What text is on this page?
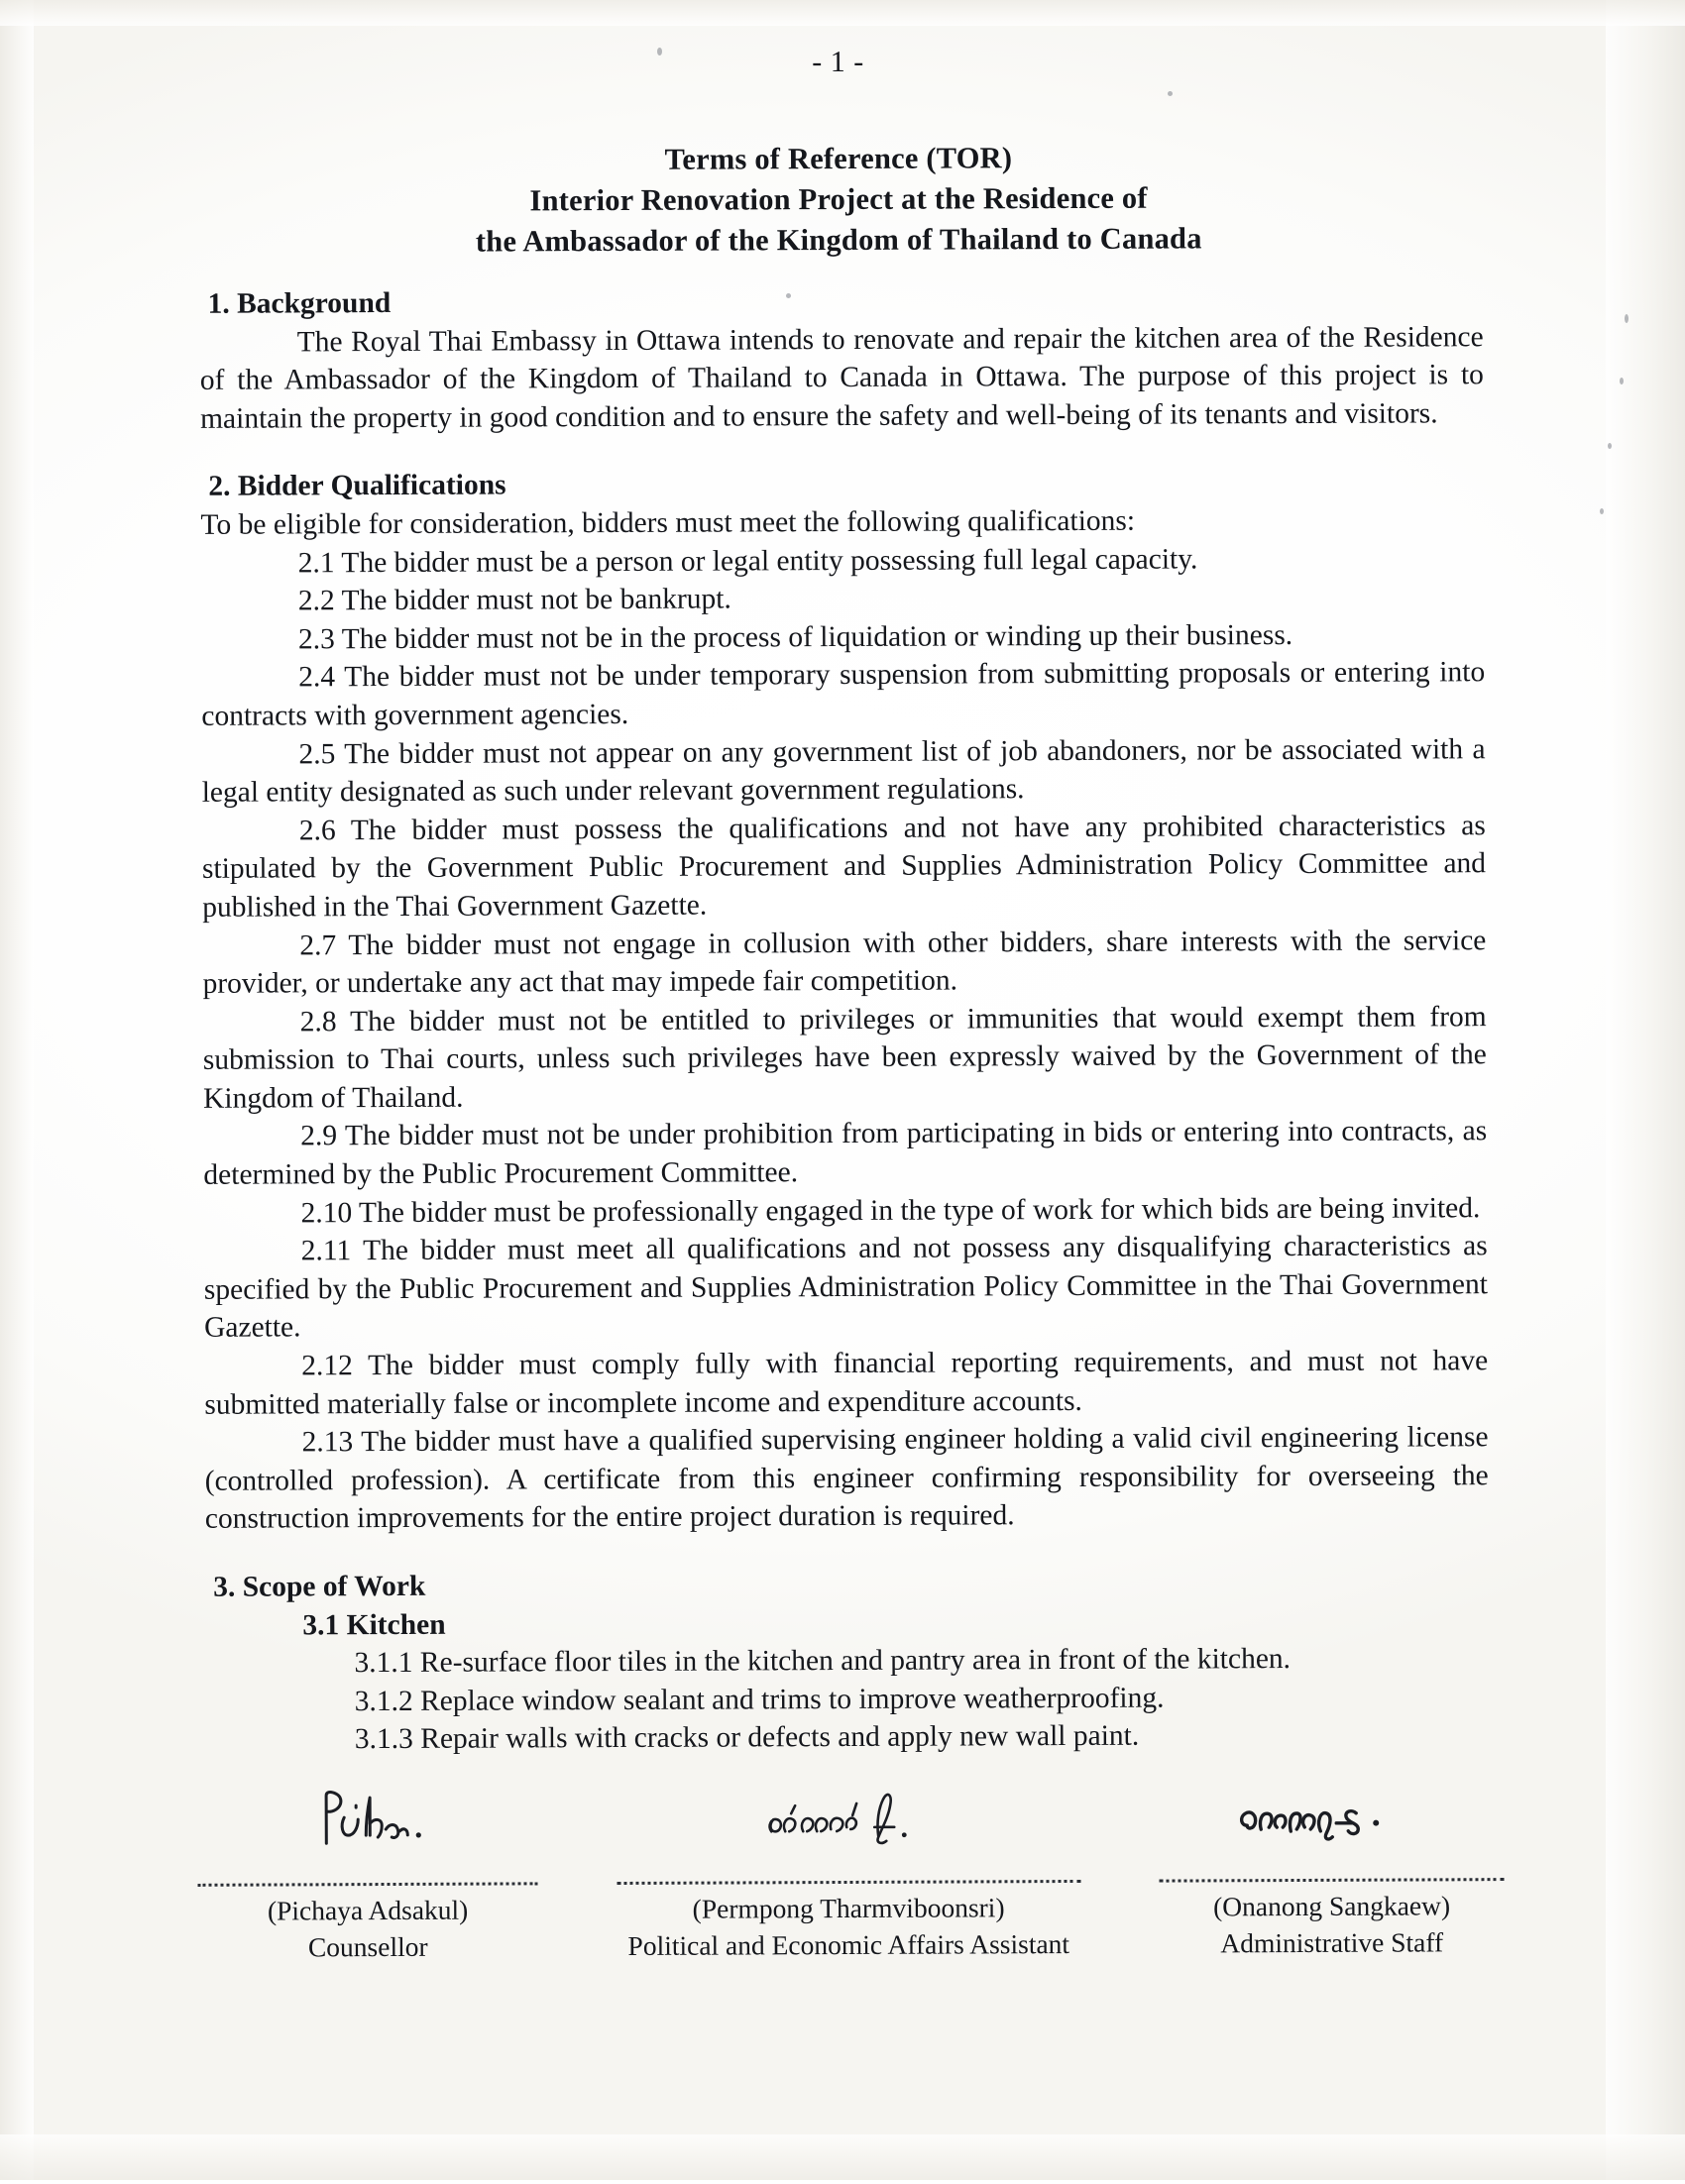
- 1 -
Terms of Reference (TOR)
Interior Renovation Project at the Residence of
the Ambassador of the Kingdom of Thailand to Canada
1. Background

The Royal Thai Embassy in Ottawa intends to renovate and repair the kitchen area of the Residence of the Ambassador of the Kingdom of Thailand to Canada in Ottawa. The purpose of this project is to maintain the property in good condition and to ensure the safety and well-being of its tenants and visitors.

2. Bidder Qualifications

To be eligible for consideration, bidders must meet the following qualifications:

2.1 The bidder must be a person or legal entity possessing full legal capacity.

2.2 The bidder must not be bankrupt.

2.3 The bidder must not be in the process of liquidation or winding up their business.

2.4 The bidder must not be under temporary suspension from submitting proposals or entering into contracts with government agencies.

2.5 The bidder must not appear on any government list of job abandoners, nor be associated with a legal entity designated as such under relevant government regulations.

2.6 The bidder must possess the qualifications and not have any prohibited characteristics as stipulated by the Government Public Procurement and Supplies Administration Policy Committee and published in the Thai Government Gazette.

2.7 The bidder must not engage in collusion with other bidders, share interests with the service provider, or undertake any act that may impede fair competition.

2.8 The bidder must not be entitled to privileges or immunities that would exempt them from submission to Thai courts, unless such privileges have been expressly waived by the Government of the Kingdom of Thailand.

2.9 The bidder must not be under prohibition from participating in bids or entering into contracts, as determined by the Public Procurement Committee.

2.10 The bidder must be professionally engaged in the type of work for which bids are being invited.

2.11 The bidder must meet all qualifications and not possess any disqualifying characteristics as specified by the Public Procurement and Supplies Administration Policy Committee in the Thai Government Gazette.

2.12 The bidder must comply fully with financial reporting requirements, and must not have submitted materially false or incomplete income and expenditure accounts.

2.13 The bidder must have a qualified supervising engineer holding a valid civil engineering license (controlled profession). A certificate from this engineer confirming responsibility for overseeing the construction improvements for the entire project duration is required.

3. Scope of Work
3.1 Kitchen

3.1.1 Re-surface floor tiles in the kitchen and pantry area in front of the kitchen.

3.1.2 Replace window sealant and trims to improve weatherproofing.

3.1.3 Repair walls with cracks or defects and apply new wall paint.

(Pichaya Adsakul)
Counsellor
(Permpong Tharmviboonsri)
Political and Economic Affairs Assistant
(Onanong Sangkaew)
Administrative Staff
